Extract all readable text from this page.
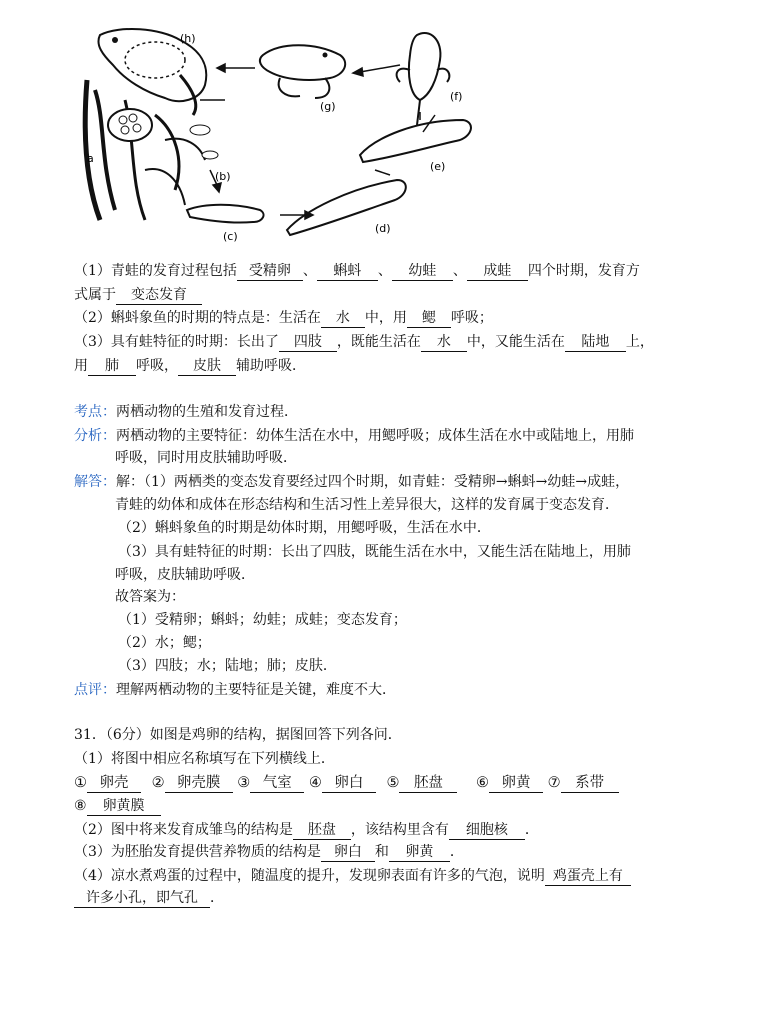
(h)
(g)
(f)
(e)
(d)
(c)
(b)
a
（1）青蛙的发育过程包括 受精卵 、 蝌蚪 、 幼蛙 、 成蛙 四个时期，发育方
式属于 变态发育
（2）蝌蚪象鱼的时期的特点是：生活在 水 中，用 鳃 呼吸；
（3）具有蛙特征的时期：长出了 四肢 ，既能生活在 水 中，又能生活在 陆地 上，
用 肺 呼吸， 皮肤 辅助呼吸．
考点：两栖动物的生殖和发育过程．
分析：两栖动物的主要特征：幼体生活在水中，用鳃呼吸；成体生活在水中或陆地上，用肺
呼吸，同时用皮肤辅助呼吸．
解答：解：（1）两栖类的变态发育要经过四个时期，如青蛙：受精卵→蝌蚪→幼蛙→成蛙，
青蛙的幼体和成体在形态结构和生活习性上差异很大，这样的发育属于变态发育．
（2）蝌蚪象鱼的时期是幼体时期，用鳃呼吸，生活在水中．
（3）具有蛙特征的时期：长出了四肢，既能生活在水中，又能生活在陆地上，用肺
呼吸，皮肤辅助呼吸．
故答案为：
（1）受精卵；蝌蚪；幼蛙；成蛙；变态发育；
（2）水；鳃；
（3）四肢；水；陆地；肺；皮肤．
点评：理解两栖动物的主要特征是关键，难度不大．
31．（6分）如图是鸡卵的结构，据图回答下列各问．
（1）将图中相应名称填写在下列横线上．
① 卵壳 ② 卵壳膜 ③ 气室 ④ 卵白 ⑤ 胚盘 ⑥ 卵黄 ⑦ 系带
⑧ 卵黄膜
（2）图中将来发育成雏鸟的结构是 胚盘 ，该结构里含有 细胞核 ．
（3）为胚胎发育提供营养物质的结构是 卵白 和 卵黄 ．
（4）凉水煮鸡蛋的过程中，随温度的提升，发现卵表面有许多的气泡，说明 鸡蛋壳上有
许多小孔，即气孔 ．
